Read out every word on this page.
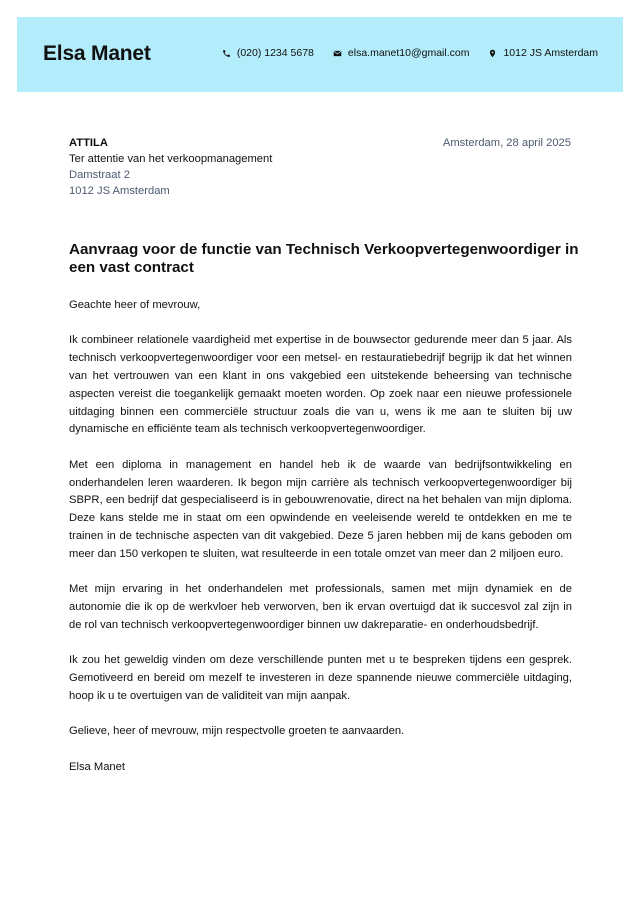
Elsa Manet	(020) 1234 5678	elsa.manet10@gmail.com	1012 JS Amsterdam
ATTILA
Ter attentie van het verkoopmanagement
Damstraat 2
1012 JS Amsterdam
Amsterdam, 28 april 2025
Aanvraag voor de functie van Technisch Verkoopvertegenwoordiger in een vast contract

Geachte heer of mevrouw,

Ik combineer relationele vaardigheid met expertise in de bouwsector gedurende meer dan 5 jaar. Als technisch verkoopvertegenwoordiger voor een metsel- en restauratiebedrijf begrijp ik dat het winnen van het vertrouwen van een klant in ons vakgebied een uitstekende beheersing van technische aspecten vereist die toegankelijk gemaakt moeten worden. Op zoek naar een nieuwe professionele uitdaging binnen een commerciële structuur zoals die van u, wens ik me aan te sluiten bij uw dynamische en efficiënte team als technisch verkoopvertegenwoordiger.

Met een diploma in management en handel heb ik de waarde van bedrijfsontwikkeling en onderhandelen leren waarderen. Ik begon mijn carrière als technisch verkoopvertegenwoordiger bij SBPR, een bedrijf dat gespecialiseerd is in gebouwrenovatie, direct na het behalen van mijn diploma. Deze kans stelde me in staat om een opwindende en veeleisende wereld te ontdekken en me te trainen in de technische aspecten van dit vakgebied. Deze 5 jaren hebben mij de kans geboden om meer dan 150 verkopen te sluiten, wat resulteerde in een totale omzet van meer dan 2 miljoen euro.

Met mijn ervaring in het onderhandelen met professionals, samen met mijn dynamiek en de autonomie die ik op de werkvloer heb verworven, ben ik ervan overtuigd dat ik succesvol zal zijn in de rol van technisch verkoopvertegenwoordiger binnen uw dakreparatie- en onderhoudsbedrijf.

Ik zou het geweldig vinden om deze verschillende punten met u te bespreken tijdens een gesprek. Gemotiveerd en bereid om mezelf te investeren in deze spannende nieuwe commerciële uitdaging, hoop ik u te overtuigen van de validiteit van mijn aanpak.

Gelieve, heer of mevrouw, mijn respectvolle groeten te aanvaarden.

Elsa Manet
